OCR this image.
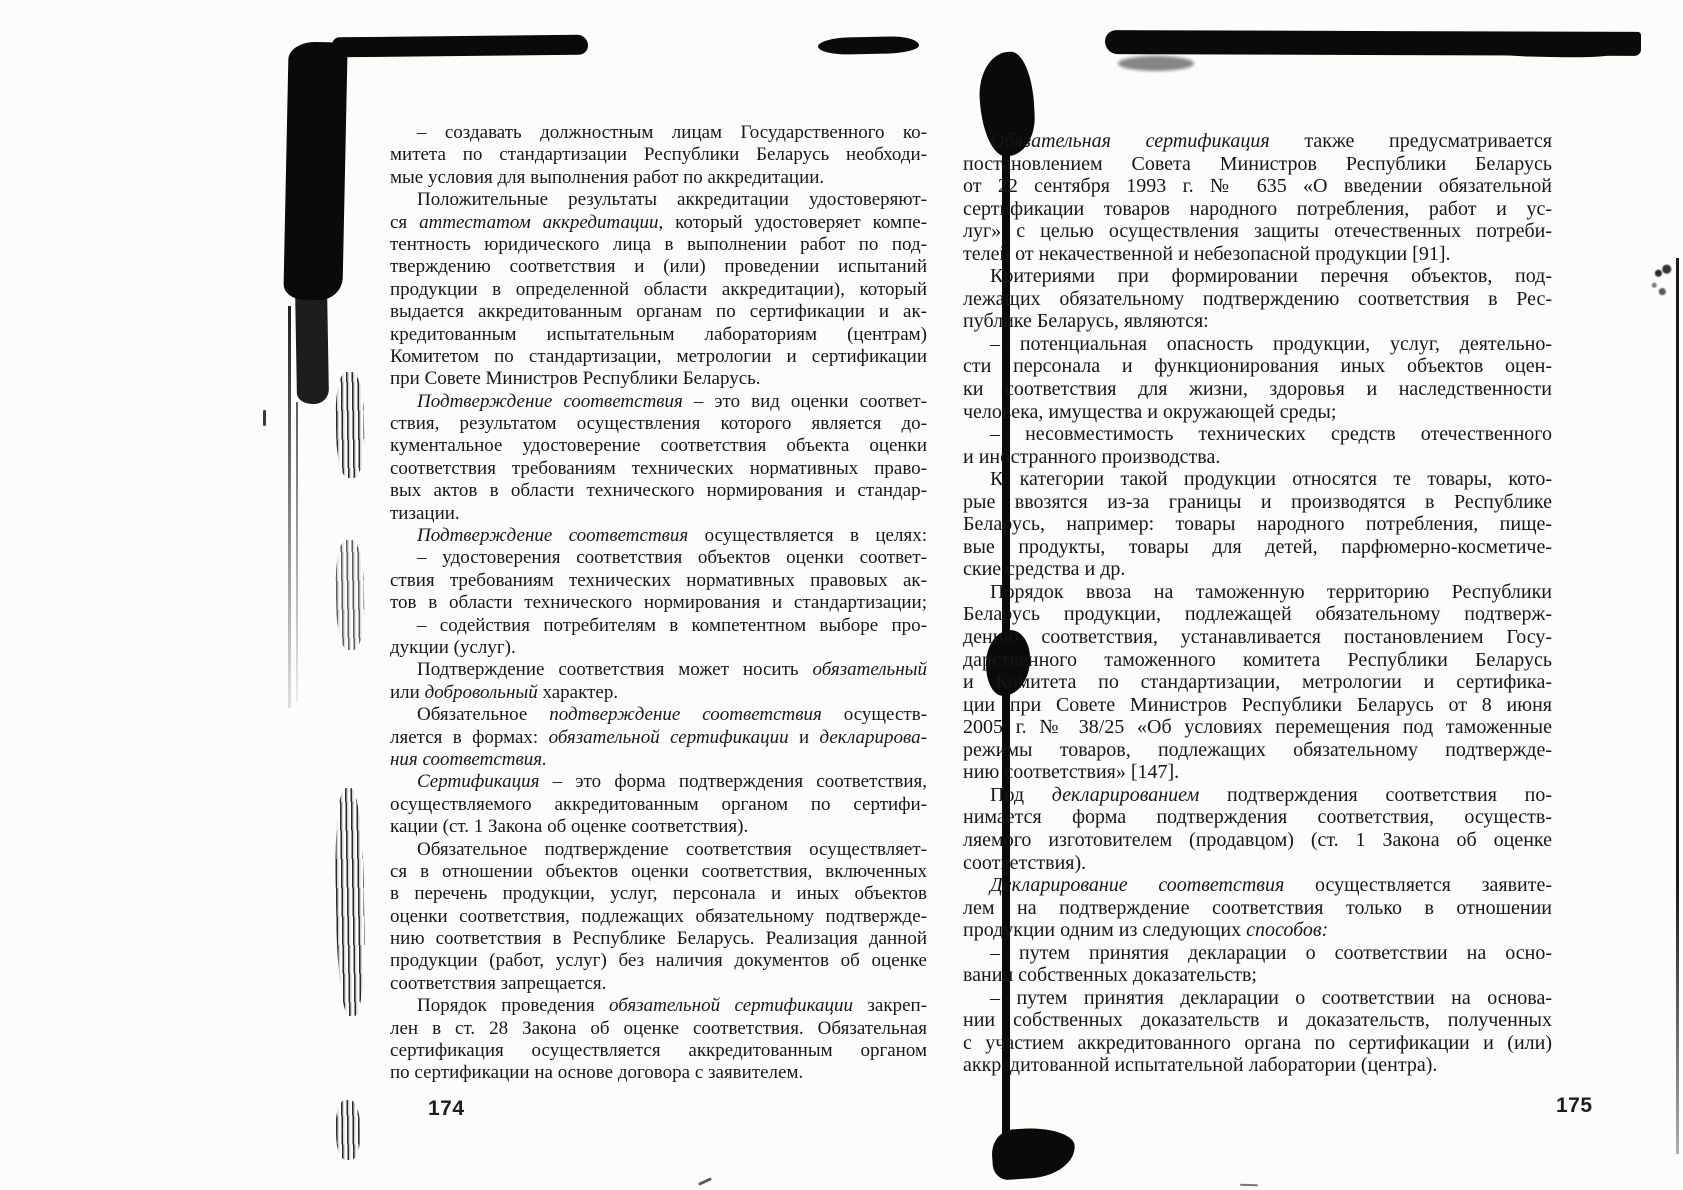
– создавать должностным лицам Государственного ко-
митета по стандартизации Республики Беларусь необходи-
мые условия для выполнения работ по аккредитации.
Положительные результаты аккредитации удостоверяют-
ся аттестатом аккредитации, который удостоверяет компе-
тентность юридического лица в выполнении работ по под-
тверждению соответствия и (или) проведении испытаний
продукции в определенной области аккредитации), который
выдается аккредитованным органам по сертификации и ак-
кредитованным испытательным лабораториям (центрам)
Комитетом по стандартизации, метрологии и сертификации
при Совете Министров Республики Беларусь.
Подтверждение соответствия – это вид оценки соответ-
ствия, результатом осуществления которого является до-
кументальное удостоверение соответствия объекта оценки
соответствия требованиям технических нормативных право-
вых актов в области технического нормирования и стандар-
тизации.
Подтверждение соответствия осуществляется в целях:
– удостоверения соответствия объектов оценки соответ-
ствия требованиям технических нормативных правовых ак-
тов в области технического нормирования и стандартизации;
– содействия потребителям в компетентном выборе про-
дукции (услуг).
Подтверждение соответствия может носить обязательный
или добровольный характер.
Обязательное подтверждение соответствия осуществ-
ляется в формах: обязательной сертификации и декларирова-
ния соответствия.
Сертификация – это форма подтверждения соответствия,
осуществляемого аккредитованным органом по сертифи-
кации (ст. 1 Закона об оценке соответствия).
Обязательное подтверждение соответствия осуществляет-
ся в отношении объектов оценки соответствия, включенных
в перечень продукции, услуг, персонала и иных объектов
оценки соответствия, подлежащих обязательному подтвержде-
нию соответствия в Республике Беларусь. Реализация данной
продукции (работ, услуг) без наличия документов об оценке
соответствия запрещается.
Порядок проведения обязательной сертификации закреп-
лен в ст. 28 Закона об оценке соответствия. Обязательная
сертификация осуществляется аккредитованным органом
по сертификации на основе договора с заявителем.
174
Обязательная сертификация также предусматривается
постановлением Совета Министров Республики Беларусь
от 22 сентября 1993 г. № 635 «О введении обязательной
сертификации товаров народного потребления, работ и ус-
луг» с целью осуществления защиты отечественных потреби-
телей от некачественной и небезопасной продукции [91].
Критериями при формировании перечня объектов, под-
лежащих обязательному подтверждению соответствия в Рес-
публике Беларусь, являются:
– потенциальная опасность продукции, услуг, деятельно-
сти персонала и функционирования иных объектов оцен-
ки соответствия для жизни, здоровья и наследственности
человека, имущества и окружающей среды;
– несовместимость технических средств отечественного
и иностранного производства.
К категории такой продукции относятся те товары, кото-
рые ввозятся из-за границы и производятся в Республике
Беларусь, например: товары народного потребления, пище-
вые продукты, товары для детей, парфюмерно-косметиче-
ские средства и др.
Порядок ввоза на таможенную территорию Республики
Беларусь продукции, подлежащей обязательному подтверж-
дению соответствия, устанавливается постановлением Госу-
дарственного таможенного комитета Республики Беларусь
и Комитета по стандартизации, метрологии и сертифика-
ции при Совете Министров Республики Беларусь от 8 июня
2005 г. № 38/25 «Об условиях перемещения под таможенные
режимы товаров, подлежащих обязательному подтвержде-
нию соответствия» [147].
Под декларированием подтверждения соответствия по-
нимается форма подтверждения соответствия, осуществ-
ляемого изготовителем (продавцом) (ст. 1 Закона об оценке
соответствия).
Декларирование соответствия осуществляется заявите-
лем на подтверждение соответствия только в отношении
продукции одним из следующих способов:
– путем принятия декларации о соответствии на осно-
вании собственных доказательств;
– путем принятия декларации о соответствии на основа-
нии собственных доказательств и доказательств, полученных
с участием аккредитованного органа по сертификации и (или)
аккредитованной испытательной лаборатории (центра).
175
